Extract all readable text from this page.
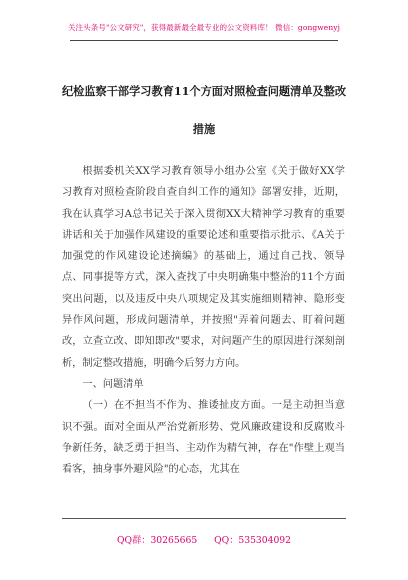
关注头条号"公文研究"，获得最新最全最专业的公文资料库！ 微信：gongwenyj
纪检监察干部学习教育11个方面对照检查问题清单及整改
措施

根据委机关XX学习教育领导小组办公室《关于做好XX学习教育对照检查阶段自查自纠工作的通知》部署安排，近期，我在认真学习A总书记关于深入贯彻XX大精神学习教育的重要讲话和关于加强作风建设的重要论述和重要指示批示、《A关于加强党的作风建设论述摘编》的基础上，通过自己找、领导点、同事提等方式，深入查找了中央明确集中整治的11个方面突出问题，以及违反中央八项规定及其实施细则精神、隐形变异作风问题，形成问题清单，并按照"弄着问题去、盯着问题改，立查立改、即知即改"要求，对问题产生的原因进行深刻剖析，制定整改措施，明确今后努力方向。

一、问题清单

（一）在不担当不作为、推诿扯皮方面。一是主动担当意识不强。面对全面从严治党新形势、党风廉政建设和反腐败斗争新任务，缺乏勇于担当、主动作为精气神，存在"作壁上观当看客，抽身事外避风险"的心态，尤其在

QQ群：30265665 QQ：535304092
